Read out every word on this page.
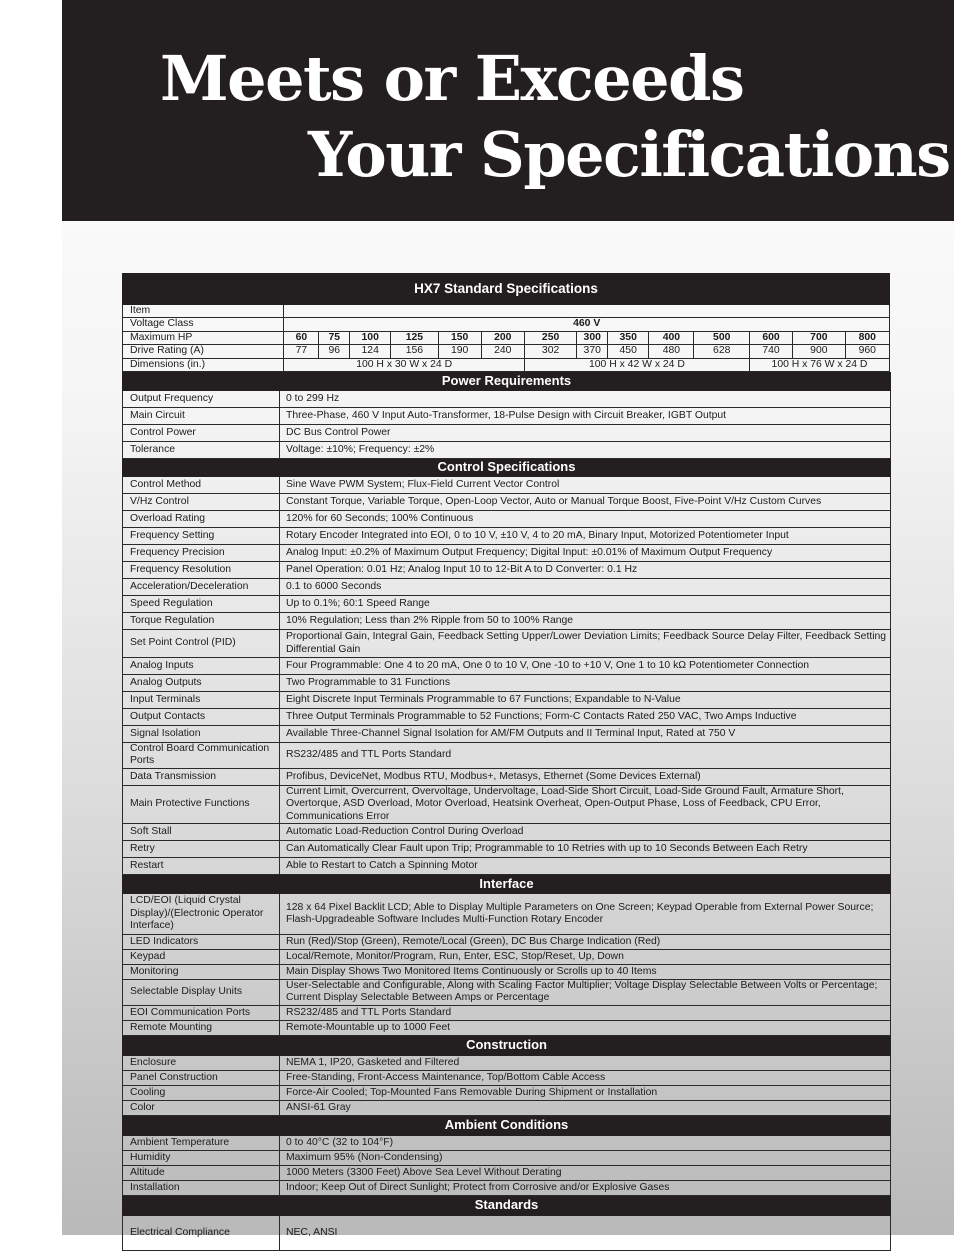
Meets or Exceeds
Your Specifications
HX7 Standard Specifications														
Item														
Voltage Class	460 V													
Maximum HP	60	75	100	125	150	200	250	300	350	400	500	600	700	800
Drive Rating (A)	77	96	124	156	190	240	302	370	450	480	628	740	900	960
Dimensions (in.)	100 H x 30 W x 24 D						100 H x 42 W x 24 D					100 H x 76 W x 24 D		
Power Requirements	
Output Frequency	0 to 299 Hz
Main Circuit	Three-Phase, 460 V Input Auto-Transformer, 18-Pulse Design with Circuit Breaker, IGBT Output
Control Power	DC Bus Control Power
Tolerance	Voltage: ±10%; Frequency: ±2%
Control Specifications	
Control Method	Sine Wave PWM System; Flux-Field Current Vector Control
V/Hz Control	Constant Torque, Variable Torque, Open-Loop Vector, Auto or Manual Torque Boost, Five-Point V/Hz Custom Curves
Overload Rating	120% for 60 Seconds; 100% Continuous
Frequency Setting	Rotary Encoder Integrated into EOI, 0 to 10 V, ±10 V, 4 to 20 mA, Binary Input, Motorized Potentiometer Input
Frequency Precision	Analog Input: ±0.2% of Maximum Output Frequency; Digital Input: ±0.01% of Maximum Output Frequency
Frequency Resolution	Panel Operation: 0.01 Hz; Analog Input 10 to 12-Bit A to D Converter: 0.1 Hz
Acceleration/Deceleration	0.1 to 6000 Seconds
Speed Regulation	Up to 0.1%; 60:1 Speed Range
Torque Regulation	10% Regulation; Less than 2% Ripple from 50 to 100% Range
Set Point Control (PID)	Proportional Gain, Integral Gain, Feedback Setting Upper/Lower Deviation Limits; Feedback Source Delay Filter, Feedback Setting Differential Gain
Analog Inputs	Four Programmable: One 4 to 20 mA, One 0 to 10 V, One -10 to +10 V, One 1 to 10 kΩ Potentiometer Connection
Analog Outputs	Two Programmable to 31 Functions
Input Terminals	Eight Discrete Input Terminals Programmable to 67 Functions; Expandable to N-Value
Output Contacts	Three Output Terminals Programmable to 52 Functions; Form-C Contacts Rated 250 VAC, Two Amps Inductive
Signal Isolation	Available Three-Channel Signal Isolation for AM/FM Outputs and II Terminal Input, Rated at 750 V
Control Board Communication Ports	RS232/485 and TTL Ports Standard
Data Transmission	Profibus, DeviceNet, Modbus RTU, Modbus+, Metasys, Ethernet (Some Devices External)
Main Protective Functions	Current Limit, Overcurrent, Overvoltage, Undervoltage, Load-Side Short Circuit, Load-Side Ground Fault, Armature Short, Overtorque, ASD Overload, Motor Overload, Heatsink Overheat, Open-Output Phase, Loss of Feedback, CPU Error, Communications Error
Soft Stall	Automatic Load-Reduction Control During Overload
Retry	Can Automatically Clear Fault upon Trip; Programmable to 10 Retries with up to 10 Seconds Between Each Retry
Restart	Able to Restart to Catch a Spinning Motor
Interface	
LCD/EOI (Liquid Crystal Display)/(Electronic Operator Interface)	128 x 64 Pixel Backlit LCD; Able to Display Multiple Parameters on One Screen; Keypad Operable from External Power Source; Flash-Upgradeable Software Includes Multi-Function Rotary Encoder
LED Indicators	Run (Red)/Stop (Green), Remote/Local (Green), DC Bus Charge Indication (Red)
Keypad	Local/Remote, Monitor/Program, Run, Enter, ESC, Stop/Reset, Up, Down
Monitoring	Main Display Shows Two Monitored Items Continuously or Scrolls up to 40 Items
Selectable Display Units	User-Selectable and Configurable, Along with Scaling Factor Multiplier; Voltage Display Selectable Between Volts or Percentage; Current Display Selectable Between Amps or Percentage
EOI Communication Ports	RS232/485 and TTL Ports Standard
Remote Mounting	Remote-Mountable up to 1000 Feet
Construction	
Enclosure	NEMA 1, IP20, Gasketed and Filtered
Panel Construction	Free-Standing, Front-Access Maintenance, Top/Bottom Cable Access
Cooling	Force-Air Cooled; Top-Mounted Fans Removable During Shipment or Installation
Color	ANSI-61 Gray
Ambient Conditions	
Ambient Temperature	0 to 40°C (32 to 104°F)
Humidity	Maximum 95% (Non-Condensing)
Altitude	1000 Meters (3300 Feet) Above Sea Level Without Derating
Installation	Indoor; Keep Out of Direct Sunlight; Protect from Corrosive and/or Explosive Gases
Standards	
Electrical Compliance	NEC, ANSI
